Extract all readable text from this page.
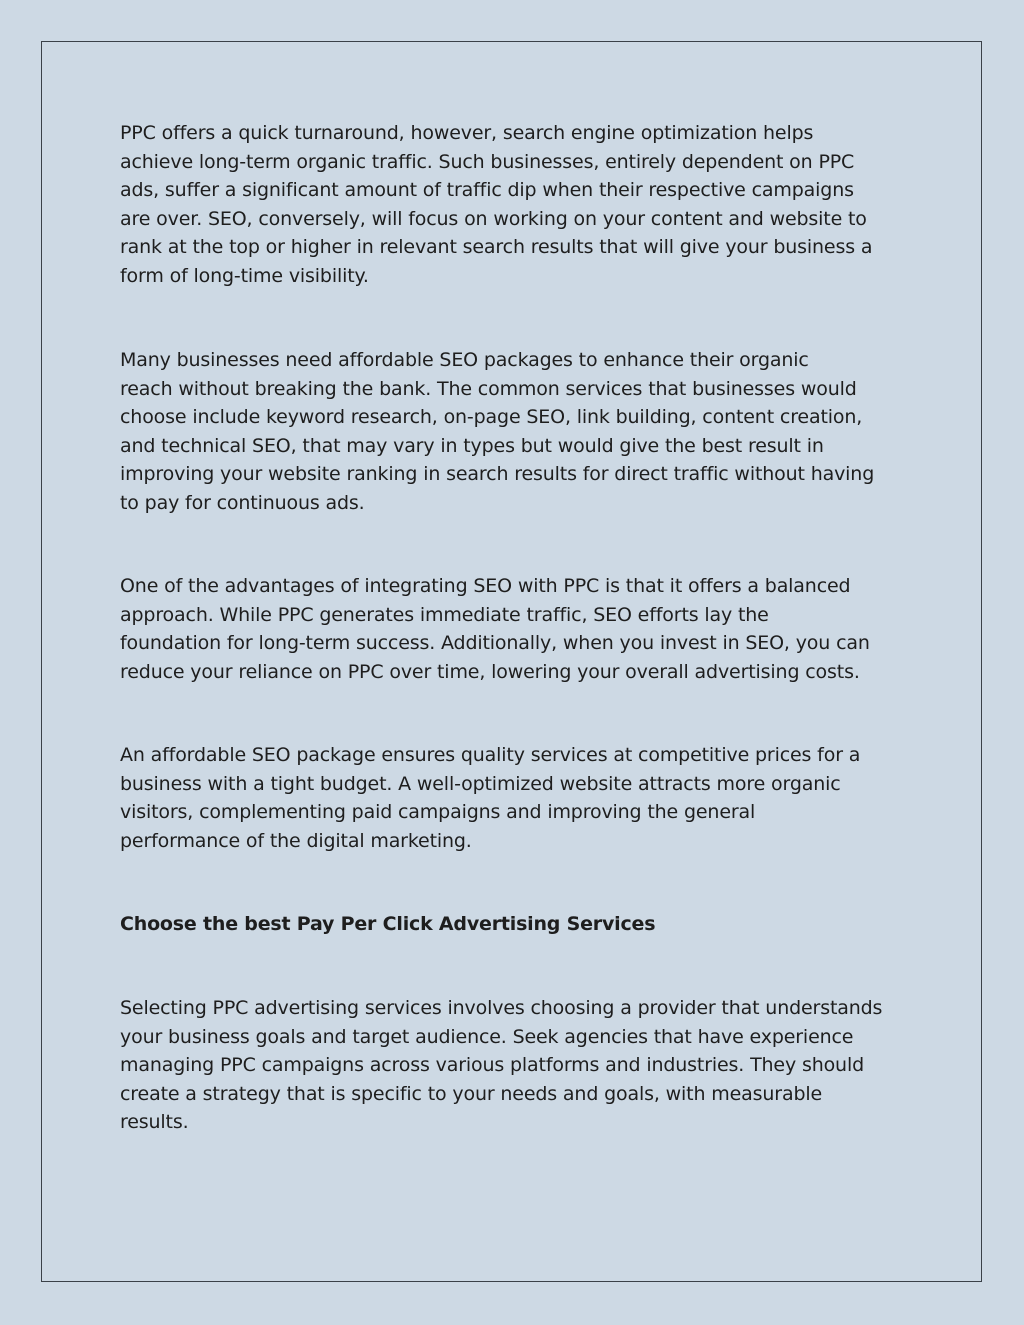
PPC offers a quick turnaround, however, search engine optimization helps
achieve long-term organic traffic. Such businesses, entirely dependent on PPC
ads, suffer a significant amount of traffic dip when their respective campaigns
are over. SEO, conversely, will focus on working on your content and website to
rank at the top or higher in relevant search results that will give your business a
form of long-time visibility.

Many businesses need affordable SEO packages to enhance their organic
reach without breaking the bank. The common services that businesses would
choose include keyword research, on-page SEO, link building, content creation,
and technical SEO, that may vary in types but would give the best result in
improving your website ranking in search results for direct traffic without having
to pay for continuous ads.

One of the advantages of integrating SEO with PPC is that it offers a balanced
approach. While PPC generates immediate traffic, SEO efforts lay the
foundation for long-term success. Additionally, when you invest in SEO, you can
reduce your reliance on PPC over time, lowering your overall advertising costs.

An affordable SEO package ensures quality services at competitive prices for a
business with a tight budget. A well-optimized website attracts more organic
visitors, complementing paid campaigns and improving the general
performance of the digital marketing.

Choose the best Pay Per Click Advertising Services

Selecting PPC advertising services involves choosing a provider that understands
your business goals and target audience. Seek agencies that have experience
managing PPC campaigns across various platforms and industries. They should
create a strategy that is specific to your needs and goals, with measurable
results.
